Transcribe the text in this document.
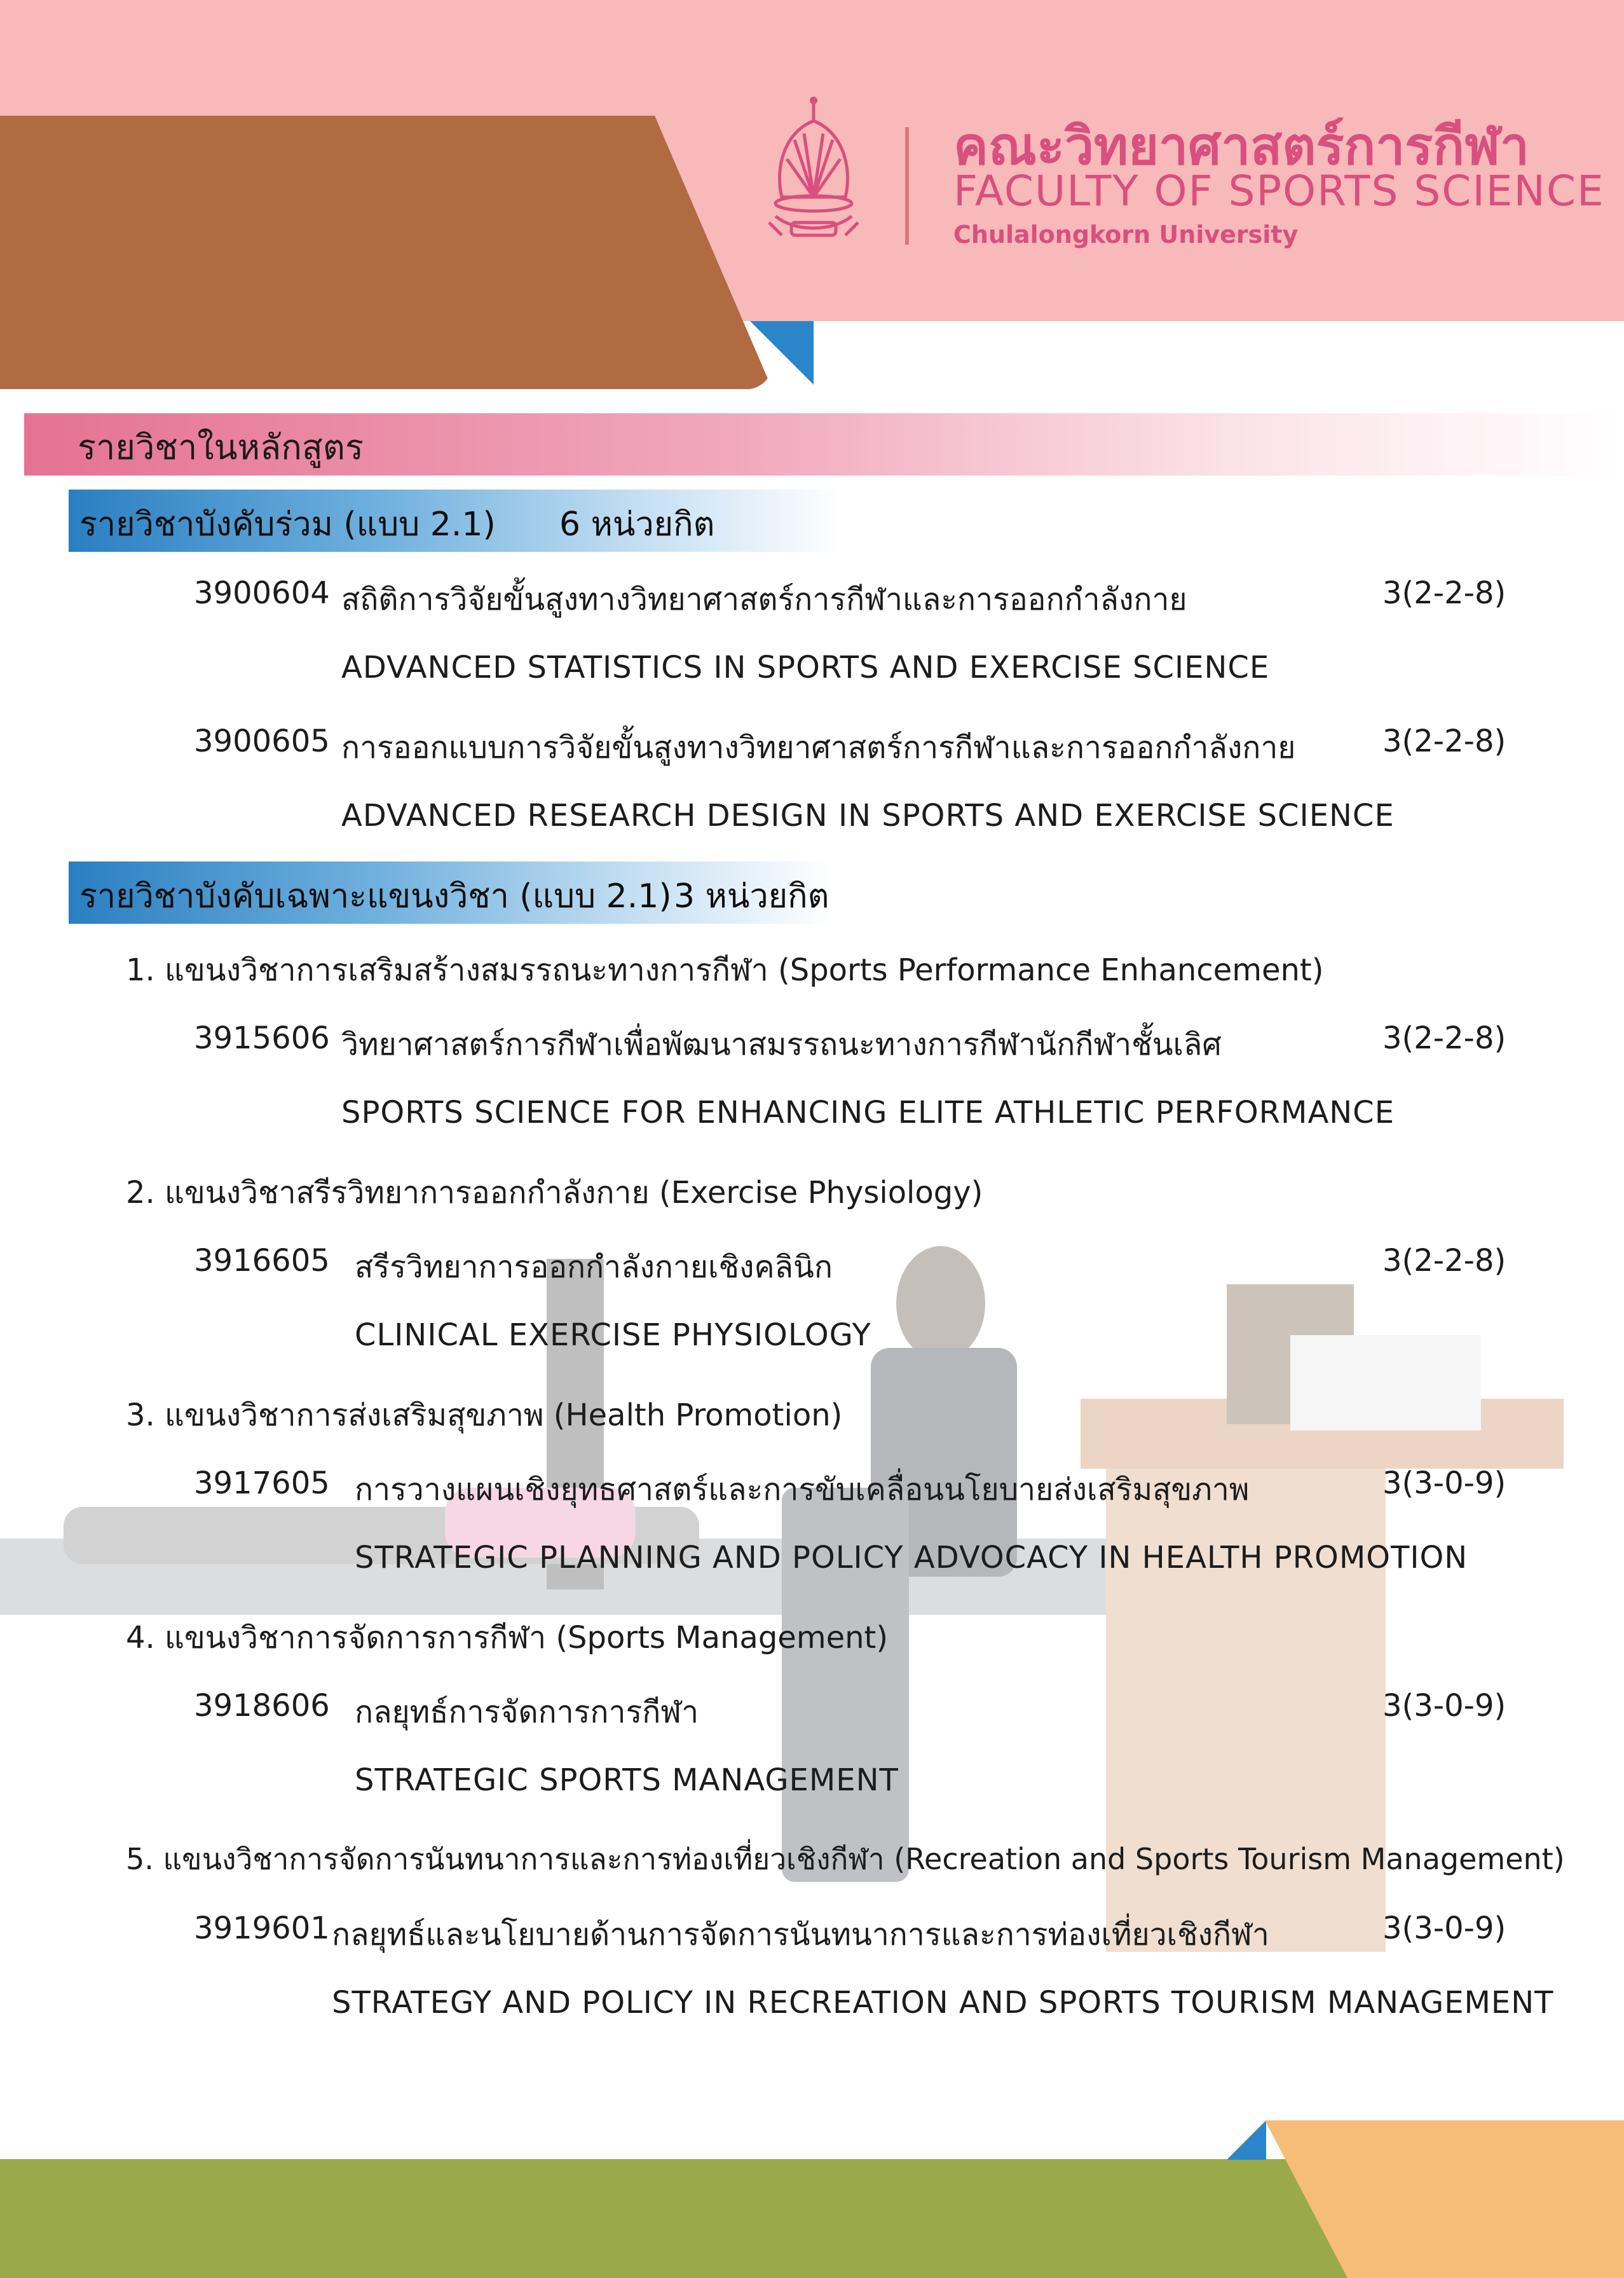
คณะวิทยาศาสตร์การกีฬา
FACULTY OF SPORTS SCIENCE
Chulalongkorn University
รายวิชาในหลักสูตร
รายวิชาบังคับร่วม (แบบ 2.1) 6 หน่วยกิต
3900604 สถิติการวิจัยขั้นสูงทางวิทยาศาสตร์การกีฬาและการออกกำลังกาย	3(2-2-8)
ADVANCED STATISTICS IN SPORTS AND EXERCISE SCIENCE
3900605 การออกแบบการวิจัยขั้นสูงทางวิทยาศาสตร์การกีฬาและการออกกำลังกาย	3(2-2-8)
ADVANCED RESEARCH DESIGN IN SPORTS AND EXERCISE SCIENCE
รายวิชาบังคับเฉพาะแขนงวิชา (แบบ 2.1) 3 หน่วยกิต
1. แขนงวิชาการเสริมสร้างสมรรถนะทางการกีฬา (Sports Performance Enhancement)
3915606 วิทยาศาสตร์การกีฬาเพื่อพัฒนาสมรรถนะทางการกีฬานักกีฬาชั้นเลิศ	3(2-2-8)
SPORTS SCIENCE FOR ENHANCING ELITE ATHLETIC PERFORMANCE
2. แขนงวิชาสรีรวิทยาการออกกำลังกาย (Exercise Physiology)
3916605 สรีรวิทยาการออกกำลังกายเชิงคลินิก	3(2-2-8)
CLINICAL EXERCISE PHYSIOLOGY
3. แขนงวิชาการส่งเสริมสุขภาพ (Health Promotion)
3917605 การวางแผนเชิงยุทธศาสตร์และการขับเคลื่อนนโยบายส่งเสริมสุขภาพ	3(3-0-9)
STRATEGIC PLANNING AND POLICY ADVOCACY IN HEALTH PROMOTION
4. แขนงวิชาการจัดการการกีฬา (Sports Management)
3918606 กลยุทธ์การจัดการการกีฬา	3(3-0-9)
STRATEGIC SPORTS MANAGEMENT
5. แขนงวิชาการจัดการนันทนาการและการท่องเที่ยวเชิงกีฬา (Recreation and Sports Tourism Management)
3919601 กลยุทธ์และนโยบายด้านการจัดการนันทนาการและการท่องเที่ยวเชิงกีฬา	3(3-0-9)
STRATEGY AND POLICY IN RECREATION AND SPORTS TOURISM MANAGEMENT
